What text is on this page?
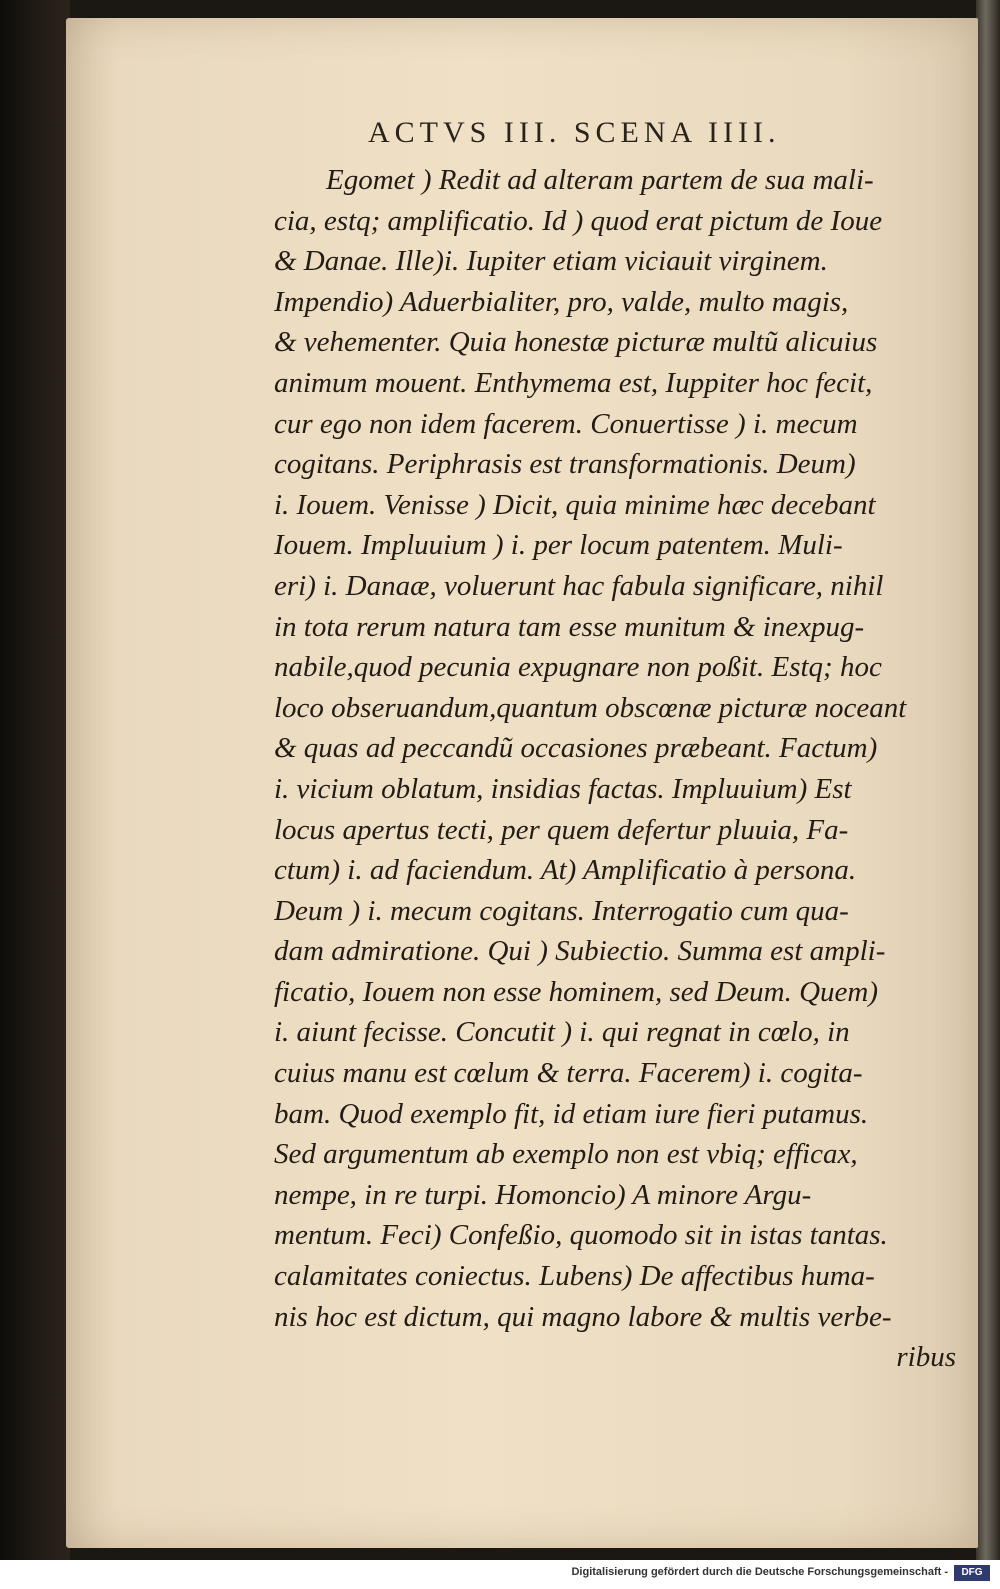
ACTVS III. SCENA IIII.
Egomet ) Redit ad alteram partem de sua mali-
cia, estq; amplificatio. Id ) quod erat pictum de Ioue
& Danae. Ille)i. Iupiter etiam viciauit virginem.
Impendio) Aduerbialiter, pro, valde, multo magis,
& vehementer. Quia honestæ picturæ multũ alicuius
animum mouent. Enthymema est, Iuppiter hoc fecit,
cur ego non idem facerem. Conuertisse ) i. mecum
cogitans. Periphrasis est transformationis. Deum)
i. Iouem. Venisse ) Dicit, quia minime hæc decebant
Iouem. Impluuium ) i. per locum patentem. Muli-
eri) i. Danaæ, voluerunt hac fabula significare, nihil
in tota rerum natura tam esse munitum & inexpug-
nabile,quod pecunia expugnare non poßit. Estq; hoc
loco obseruandum,quantum obscœnæ picturæ noceant
& quas ad peccandũ occasiones præbeant. Factum)
i. vicium oblatum, insidias factas. Impluuium) Est
locus apertus tecti, per quem defertur pluuia, Fa-
ctum) i. ad faciendum. At) Amplificatio à persona.
Deum ) i. mecum cogitans. Interrogatio cum qua-
dam admiratione. Qui ) Subiectio. Summa est ampli-
ficatio, Iouem non esse hominem, sed Deum. Quem)
i. aiunt fecisse. Concutit ) i. qui regnat in cœlo, in
cuius manu est cœlum & terra. Facerem) i. cogita-
bam. Quod exemplo fit, id etiam iure fieri putamus.
Sed argumentum ab exemplo non est vbiq; efficax,
nempe, in re turpi. Homoncio) A minore Argu-
mentum. Feci) Confeßio, quomodo sit in istas tantas.
calamitates coniectus. Lubens) De affectibus huma-
nis hoc est dictum, qui magno labore & multis verbe-
ribus
Digitalisierung gefördert durch die Deutsche Forschungsgemeinschaft -	DFG
